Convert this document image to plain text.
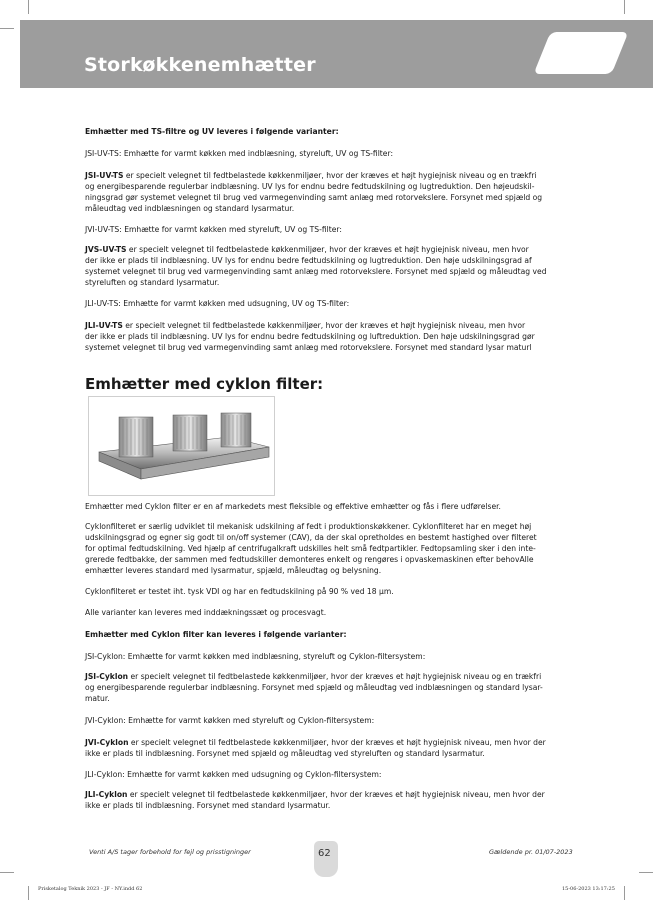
Storkøkkenemhætter
Emhætter med TS-filtre og UV leveres i følgende varianter:
JSI-UV-TS: Emhætte for varmt køkken med indblæsning, styreluft, UV og TS-filter:
JSI-UV-TS er specielt velegnet til fedtbelastede køkkenmiljøer, hvor der kræves et højt hygiejnisk niveau og en trækfri
og energibesparende regulerbar indblæsning. UV lys for endnu bedre fedtudskilning og lugtreduktion. Den højeudskil-
ningsgrad gør systemet velegnet til brug ved varmegenvinding samt anlæg med rotorvekslere. Forsynet med spjæld og
måleudtag ved indblæsningen og standard lysarmatur.
JVI-UV-TS: Emhætte for varmt køkken med styreluft, UV og TS-filter:
JVS-UV-TS er specielt velegnet til fedtbelastede køkkenmiljøer, hvor der kræves et højt hygiejnisk niveau, men hvor
der ikke er plads til indblæsning. UV lys for endnu bedre fedtudskilning og lugtreduktion. Den høje udskilningsgrad af
systemet velegnet til brug ved varmegenvinding samt anlæg med rotorvekslere. Forsynet med spjæld og måleudtag ved
styreluften og standard lysarmatur.
JLI-UV-TS: Emhætte for varmt køkken med udsugning, UV og TS-filter:
JLI-UV-TS er specielt velegnet til fedtbelastede køkkenmiljøer, hvor der kræves et højt hygiejnisk niveau, men hvor
der ikke er plads til indblæsning. UV lys for endnu bedre fedtudskilning og luftreduktion. Den høje udskilningsgrad gør
systemet velegnet til brug ved varmegenvinding samt anlæg med rotorvekslere. Forsynet med standard lysar maturl
Emhætter med cyklon filter:
Emhætter med Cyklon filter er en af markedets mest fleksible og effektive emhætter og fås i flere udførelser.
Cyklonfilteret er særlig udviklet til mekanisk udskilning af fedt i produktionskøkkener. Cyklonfilteret har en meget høj
udskilningsgrad og egner sig godt til on/off systemer (CAV), da der skal opretholdes en bestemt hastighed over filteret
for optimal fedtudskilning. Ved hjælp af centrifugalkraft udskilles helt små fedtpartikler. Fedtopsamling sker i den inte-
grerede fedtbakke, der sammen med fedtudskiller demonteres enkelt og rengøres i opvaskemaskinen efter behovAlle
emhætter leveres standard med lysarmatur, spjæld, måleudtag og belysning.
Cyklonfilteret er testet iht. tysk VDI og har en fedtudskilning på 90 % ved 18 µm.
Alle varianter kan leveres med inddækningssæt og procesvagt.
Emhætter med Cyklon filter kan leveres i følgende varianter:
JSI-Cyklon: Emhætte for varmt køkken med indblæsning, styreluft og Cyklon-filtersystem:
JSI-Cyklon er specielt velegnet til fedtbelastede køkkenmiljøer, hvor der kræves et højt hygiejnisk niveau og en trækfri
og energibesparende regulerbar indblæsning. Forsynet med spjæld og måleudtag ved indblæsningen og standard lysar-
matur.
JVI-Cyklon: Emhætte for varmt køkken med styreluft og Cyklon-filtersystem:
JVI-Cyklon er specielt velegnet til fedtbelastede køkkenmiljøer, hvor der kræves et højt hygiejnisk niveau, men hvor der
ikke er plads til indblæsning. Forsynet med spjæld og måleudtag ved styreluften og standard lysarmatur.
JLI-Cyklon: Emhætte for varmt køkken med udsugning og Cyklon-filtersystem:
JLI-Cyklon er specielt velegnet til fedtbelastede køkkenmiljøer, hvor der kræves et højt hygiejnisk niveau, men hvor der
ikke er plads til indblæsning. Forsynet med standard lysarmatur.
Venti A/S tager forbehold for fejl og prisstigninger	62	Gældende pr. 01/07-2023
Prisketalog Teknik 2023 - JF - NY.indd 62	15-06-2023 13:17:25
